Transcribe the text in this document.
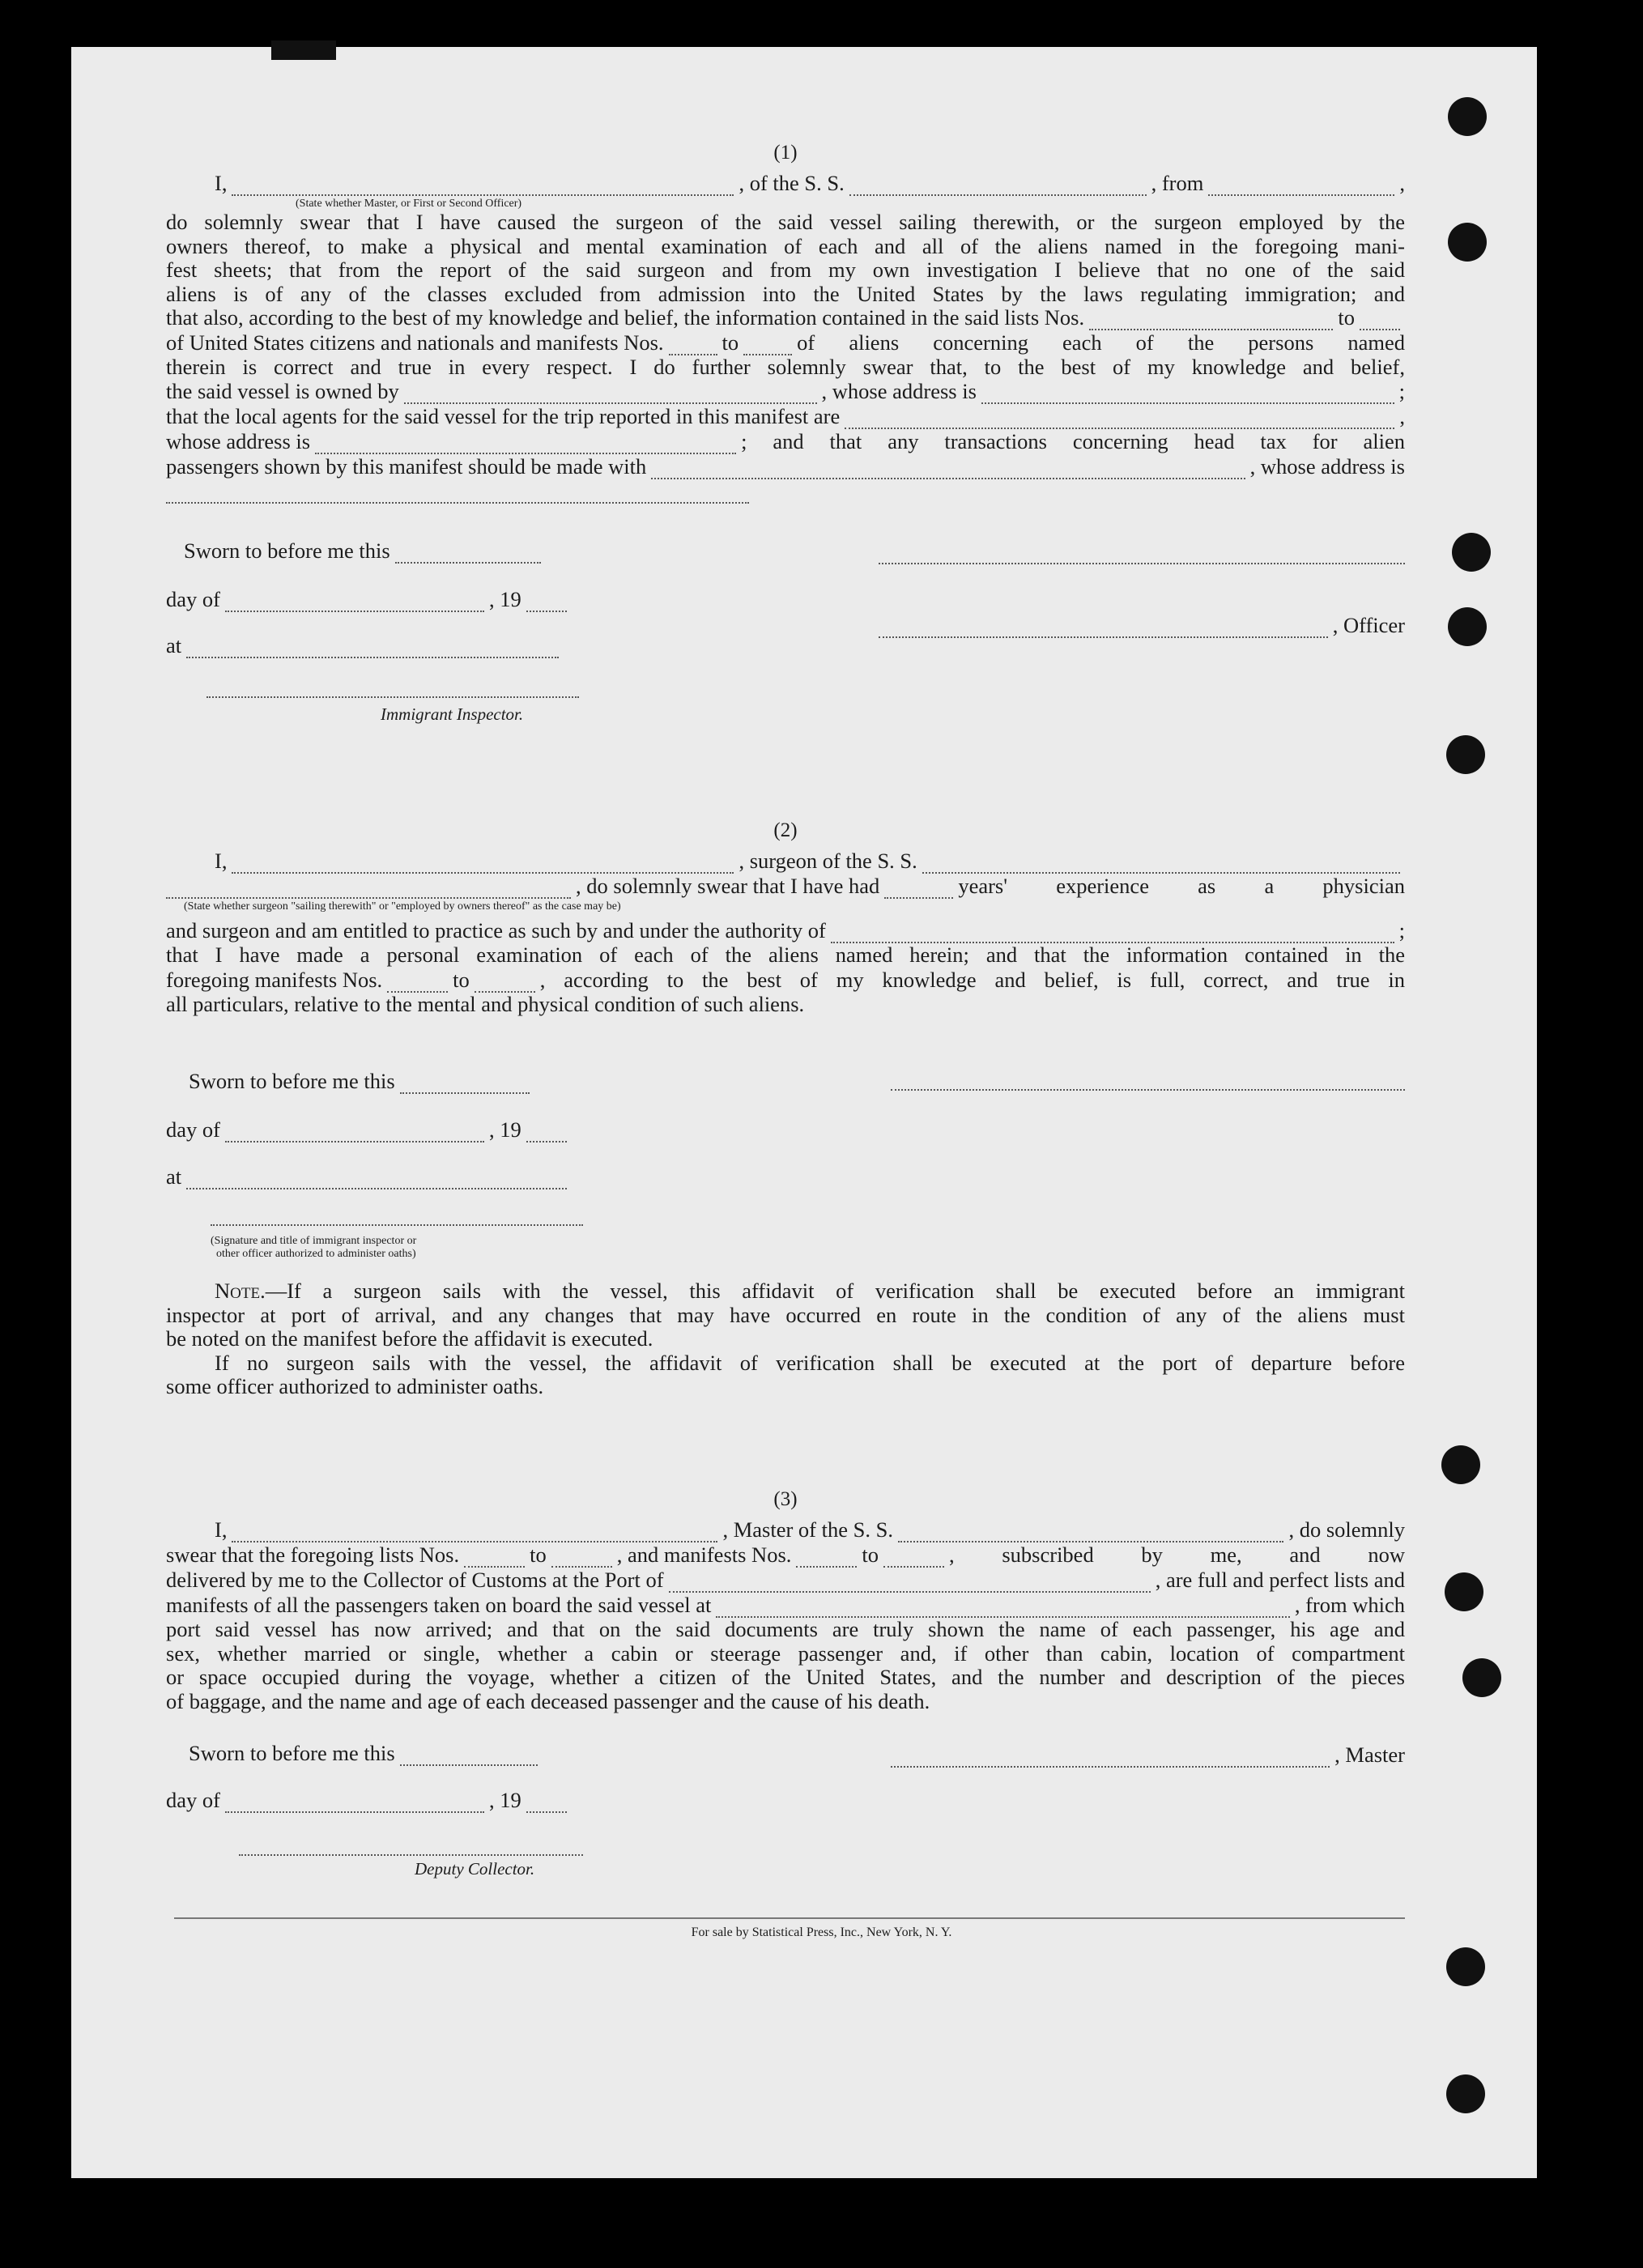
(1)
I,	, of the S. S.	, from	,
(State whether Master, or First or Second Officer)

do solemnly swear that I have caused the surgeon of the said vessel sailing therewith, or the surgeon employed by the

owners thereof, to make a physical and mental examination of each and all of the aliens named in the foregoing mani-

fest sheets; that from the report of the said surgeon and from my own investigation I believe that no one of the said

aliens is of any of the classes excluded from admission into the United States by the laws regulating immigration; and

that also, according to the best of my knowledge and belief, the information contained in the said lists Nos.	to
of United States citizens and nationals and manifests Nos.	to	of aliens concerning each of the persons named

therein is correct and true in every respect. I do further solemnly swear that, to the best of my knowledge and belief,

the said vessel is owned by	, whose address is	;
that the local agents for the said vessel for the trip reported in this manifest are	,
whose address is	; and that any transactions concerning head tax for alien
passengers shown by this manifest should be made with	, whose address is
Sworn to before me this
day of	, 19
at
Immigrant Inspector.
, Officer
(2)
I,	, surgeon of the S. S.
, do solemnly swear that I have had	years' experience as a physician
(State whether surgeon "sailing therewith" or "employed by owners thereof" as the case may be)
and surgeon and am entitled to practice as such by and under the authority of	;

that I have made a personal examination of each of the aliens named herein; and that the information contained in the

foregoing manifests Nos.	to	, according to the best of my knowledge and belief, is full, correct, and true in

all particulars, relative to the mental and physical condition of such aliens.

Sworn to before me this
day of	, 19
at
(Signature and title of immigrant inspector or
other officer authorized to administer oaths)

Note.—If a surgeon sails with the vessel, this affidavit of verification shall be executed before an immigrant

inspector at port of arrival, and any changes that may have occurred en route in the condition of any of the aliens must

be noted on the manifest before the affidavit is executed.

If no surgeon sails with the vessel, the affidavit of verification shall be executed at the port of departure before

some officer authorized to administer oaths.

(3)
I,	, Master of the S. S.	, do solemnly
swear that the foregoing lists Nos.	to	, and manifests Nos.	to	, subscribed by me, and now
delivered by me to the Collector of Customs at the Port of	, are full and perfect lists and
manifests of all the passengers taken on board the said vessel at	, from which

port said vessel has now arrived; and that on the said documents are truly shown the name of each passenger, his age and

sex, whether married or single, whether a cabin or steerage passenger and, if other than cabin, location of compartment

or space occupied during the voyage, whether a citizen of the United States, and the number and description of the pieces

of baggage, and the name and age of each deceased passenger and the cause of his death.

Sworn to before me this
day of	, 19
Deputy Collector.
, Master
For sale by Statistical Press, Inc., New York, N. Y.
